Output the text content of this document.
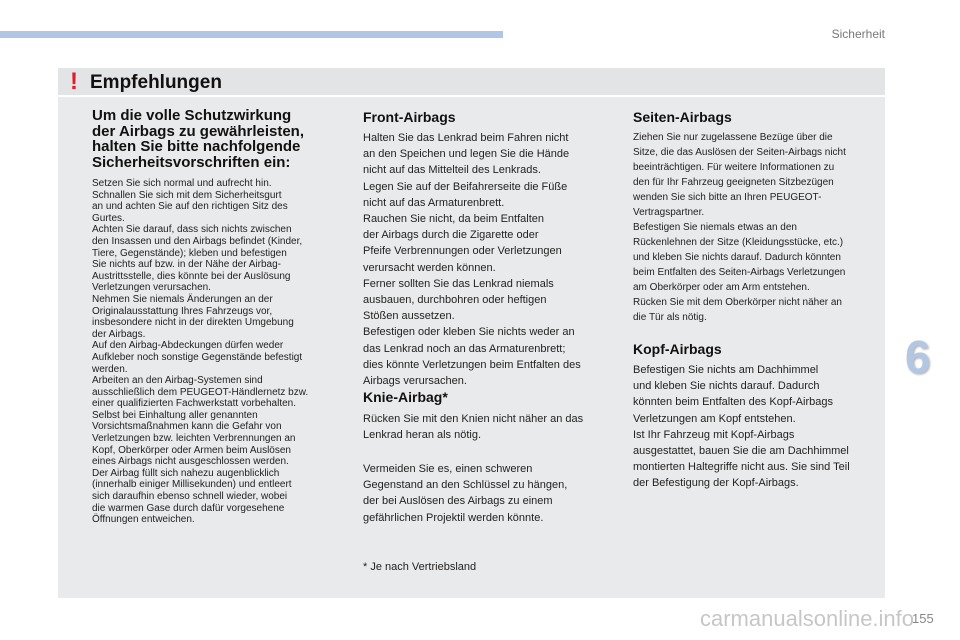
Sicherheit
! Empfehlungen
Um die volle Schutzwirkung
der Airbags zu gewährleisten,
halten Sie bitte nachfolgende
Sicherheitsvorschriften ein:
Setzen Sie sich normal und aufrecht hin.
Schnallen Sie sich mit dem Sicherheitsgurt
an und achten Sie auf den richtigen Sitz des
Gurtes.
Achten Sie darauf, dass sich nichts zwischen
den Insassen und den Airbags befindet (Kinder,
Tiere, Gegenstände); kleben und befestigen
Sie nichts auf bzw. in der Nähe der Airbag-
Austrittsstelle, dies könnte bei der Auslösung
Verletzungen verursachen.
Nehmen Sie niemals Änderungen an der
Originalausstattung Ihres Fahrzeugs vor,
insbesondere nicht in der direkten Umgebung
der Airbags.
Auf den Airbag-Abdeckungen dürfen weder
Aufkleber noch sonstige Gegenstände befestigt
werden.
Arbeiten an den Airbag-Systemen sind
ausschließlich dem PEUGEOT-Händlernetz bzw.
einer qualifizierten Fachwerkstatt vorbehalten.
Selbst bei Einhaltung aller genannten
Vorsichtsmaßnahmen kann die Gefahr von
Verletzungen bzw. leichten Verbrennungen an
Kopf, Oberkörper oder Armen beim Auslösen
eines Airbags nicht ausgeschlossen werden.
Der Airbag füllt sich nahezu augenblicklich
(innerhalb einiger Millisekunden) und entleert
sich daraufhin ebenso schnell wieder, wobei
die warmen Gase durch dafür vorgesehene
Öffnungen entweichen.
Front-Airbags
Halten Sie das Lenkrad beim Fahren nicht
an den Speichen und legen Sie die Hände
nicht auf das Mittelteil des Lenkrads.
Legen Sie auf der Beifahrerseite die Füße
nicht auf das Armaturenbrett.
Rauchen Sie nicht, da beim Entfalten
der Airbags durch die Zigarette oder
Pfeife Verbrennungen oder Verletzungen
verursacht werden können.
Ferner sollten Sie das Lenkrad niemals
ausbauen, durchbohren oder heftigen
Stößen aussetzen.
Befestigen oder kleben Sie nichts weder an
das Lenkrad noch an das Armaturenbrett;
dies könnte Verletzungen beim Entfalten des
Airbags verursachen.
Knie-Airbag*
Rücken Sie mit den Knien nicht näher an das
Lenkrad heran als nötig.
Vermeiden Sie es, einen schweren
Gegenstand an den Schlüssel zu hängen,
der bei Auslösen des Airbags zu einem
gefährlichen Projektil werden könnte.
* Je nach Vertriebsland
Seiten-Airbags
Ziehen Sie nur zugelassene Bezüge über die
Sitze, die das Auslösen der Seiten-Airbags nicht
beeinträchtigen. Für weitere Informationen zu
den für Ihr Fahrzeug geeigneten Sitzbezügen
wenden Sie sich bitte an Ihren PEUGEOT-
Vertragspartner.
Befestigen Sie niemals etwas an den
Rückenlehnen der Sitze (Kleidungsstücke, etc.)
und kleben Sie nichts darauf. Dadurch könnten
beim Entfalten des Seiten-Airbags Verletzungen
am Oberkörper oder am Arm entstehen.
Rücken Sie mit dem Oberkörper nicht näher an
die Tür als nötig.
Kopf-Airbags
Befestigen Sie nichts am Dachhimmel
und kleben Sie nichts darauf. Dadurch
könnten beim Entfalten des Kopf-Airbags
Verletzungen am Kopf entstehen.
Ist Ihr Fahrzeug mit Kopf-Airbags
ausgestattet, bauen Sie die am Dachhimmel
montierten Haltegriffe nicht aus. Sie sind Teil
der Befestigung der Kopf-Airbags.
6
carmanualsonline.info
155
